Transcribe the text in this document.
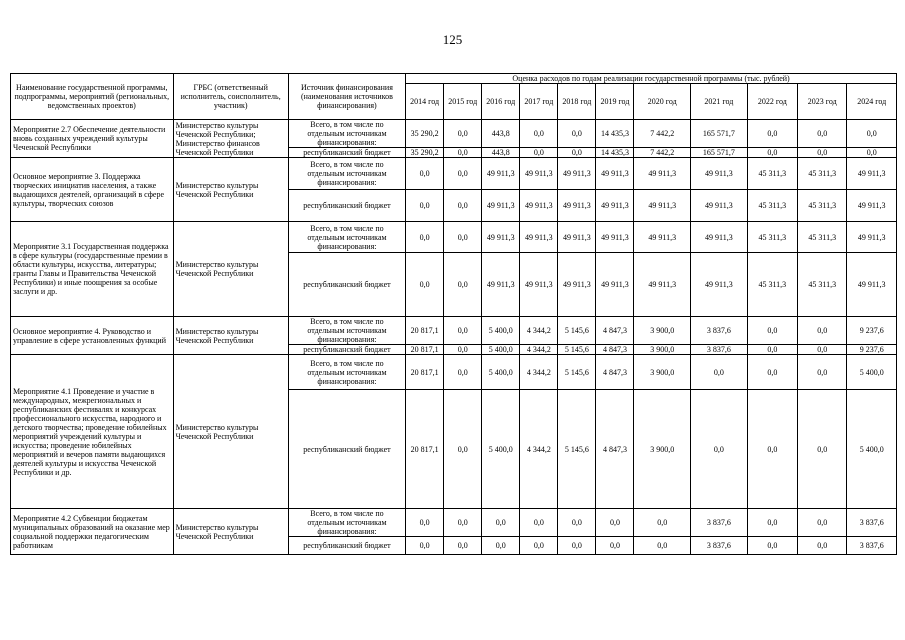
125
Наименование государственной программы, подпрограммы, мероприятий (региональных, ведомственных проектов)	ГРБС (ответственный исполнитель, соисполнитель, участник)	Источник финансирования (наименования источников финансирования)	Оценка расходов по годам реализации государственной программы (тыс. рублей)										
			2014 год	2015 год	2016 год	2017 год	2018 год	2019 год	2020 год	2021 год	2022 год	2023 год	2024 год
Мероприятие 2.7 Обеспечение деятельности вновь созданных учреждений культуры Чеченской Республики	Министерство культуры Чеченской Республики; Министерство финансов Чеченской Республики	Всего, в том числе по отдельным источникам финансирования:	35 290,2	0,0	443,8	0,0	0,0	14 435,3	7 442,2	165 571,7	0,0	0,0	0,0
		республиканский бюджет	35 290,2	0,0	443,8	0,0	0,0	14 435,3	7 442,2	165 571,7	0,0	0,0	0,0
Основное мероприятие 3. Поддержка творческих инициатив населения, а также выдающихся деятелей, организаций в сфере культуры, творческих союзов	Министерство культуры Чеченской Республики	Всего, в том числе по отдельным источникам финансирования:	0,0	0,0	49 911,3	49 911,3	49 911,3	49 911,3	49 911,3	49 911,3	45 311,3	45 311,3	49 911,3
		республиканский бюджет	0,0	0,0	49 911,3	49 911,3	49 911,3	49 911,3	49 911,3	49 911,3	45 311,3	45 311,3	49 911,3
Мероприятие 3.1 Государственная поддержка в сфере культуры (государственные премии в области культуры, искусства, литературы; гранты Главы и Правительства Чеченской Республики) и иные поощрения за особые заслуги и др.	Министерство культуры Чеченской Республики	Всего, в том числе по отдельным источникам финансирования:	0,0	0,0	49 911,3	49 911,3	49 911,3	49 911,3	49 911,3	49 911,3	45 311,3	45 311,3	49 911,3
		республиканский бюджет	0,0	0,0	49 911,3	49 911,3	49 911,3	49 911,3	49 911,3	49 911,3	45 311,3	45 311,3	49 911,3
Основное мероприятие 4. Руководство и управление в сфере установленных функций	Министерство культуры Чеченской Республики	Всего, в том числе по отдельным источникам финансирования:	20 817,1	0,0	5 400,0	4 344,2	5 145,6	4 847,3	3 900,0	3 837,6	0,0	0,0	9 237,6
		республиканский бюджет	20 817,1	0,0	5 400,0	4 344,2	5 145,6	4 847,3	3 900,0	3 837,6	0,0	0,0	9 237,6
Мероприятие 4.1 Проведение и участие в международных, межрегиональных и республиканских фестивалях и конкурсах профессионального искусства, народного и детского творчества; проведение юбилейных мероприятий учреждений культуры и искусства; проведение юбилейных мероприятий и вечеров памяти выдающихся деятелей культуры и искусства Чеченской Республики и др.	Министерство культуры Чеченской Республики	Всего, в том числе по отдельным источникам финансирования:	20 817,1	0,0	5 400,0	4 344,2	5 145,6	4 847,3	3 900,0	0,0	0,0	0,0	5 400,0
		республиканский бюджет	20 817,1	0,0	5 400,0	4 344,2	5 145,6	4 847,3	3 900,0	0,0	0,0	0,0	5 400,0
Мероприятие 4.2 Субвенции бюджетам муниципальных образований на оказание мер социальной поддержки педагогическим работникам	Министерство культуры Чеченской Республики	Всего, в том числе по отдельным источникам финансирования:	0,0	0,0	0,0	0,0	0,0	0,0	0,0	3 837,6	0,0	0,0	3 837,6
		республиканский бюджет	0,0	0,0	0,0	0,0	0,0	0,0	0,0	3 837,6	0,0	0,0	3 837,6
